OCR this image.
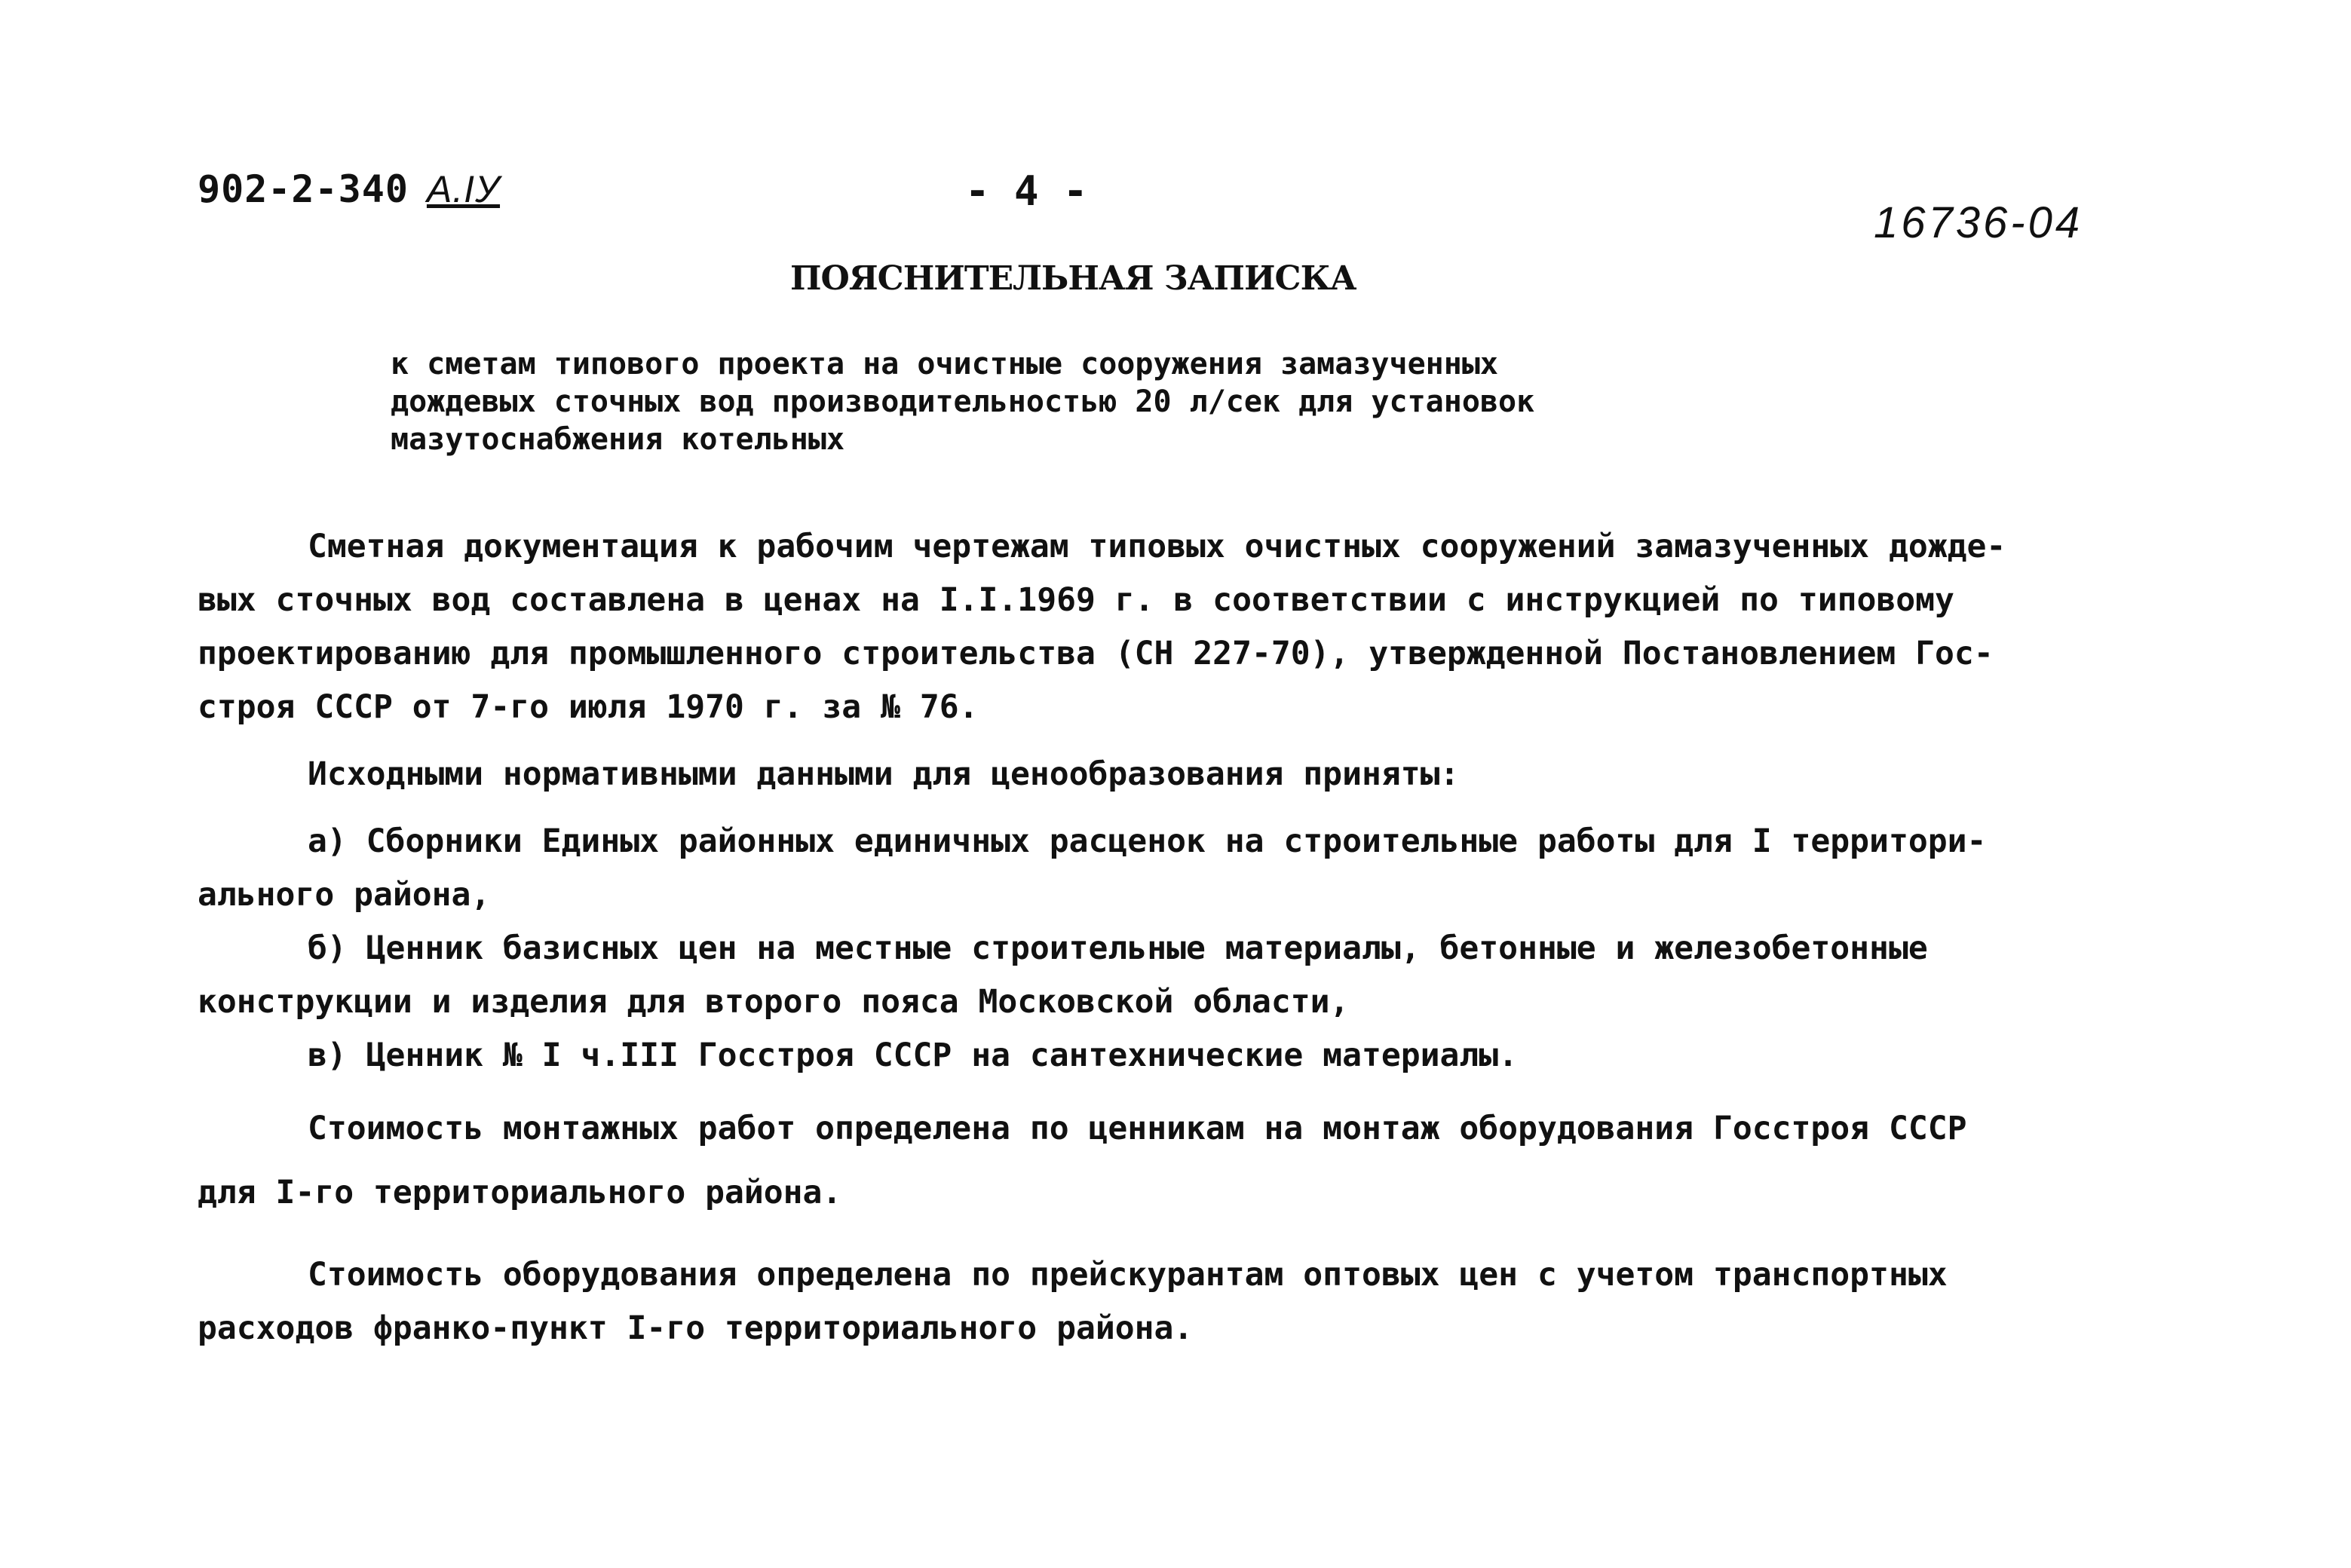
902-2-340 А.IУ	- 4 -
16736-04
ПОЯСНИТЕЛЬНАЯ ЗАПИСКА
к сметам типового проекта на очистные сооружения замазученных
дождевых сточных вод производительностью 20 л/сек для установок
мазутоснабжения котельных
Сметная документация к рабочим чертежам типовых очистных сооружений замазученных дожде-
вых сточных вод составлена в ценах на I.I.1969 г. в соответствии с инструкцией по типовому
проектированию для промышленного строительства (СН 227-70), утвержденной Постановлением Гос-
строя СССР от 7-го июля 1970 г. за № 76.
Исходными нормативными данными для ценообразования приняты:
а) Сборники Единых районных единичных расценок на строительные работы для I территори-
ального района,
б) Ценник базисных цен на местные строительные материалы, бетонные и железобетонные
конструкции и изделия для второго пояса Московской области,
в) Ценник № I ч.III Госстроя СССР на сантехнические материалы.
Стоимость монтажных работ определена по ценникам на монтаж оборудования Госстроя СССР
для I-го территориального района.
Стоимость оборудования определена по прейскурантам оптовых цен с учетом транспортных
расходов франко-пункт I-го территориального района.
